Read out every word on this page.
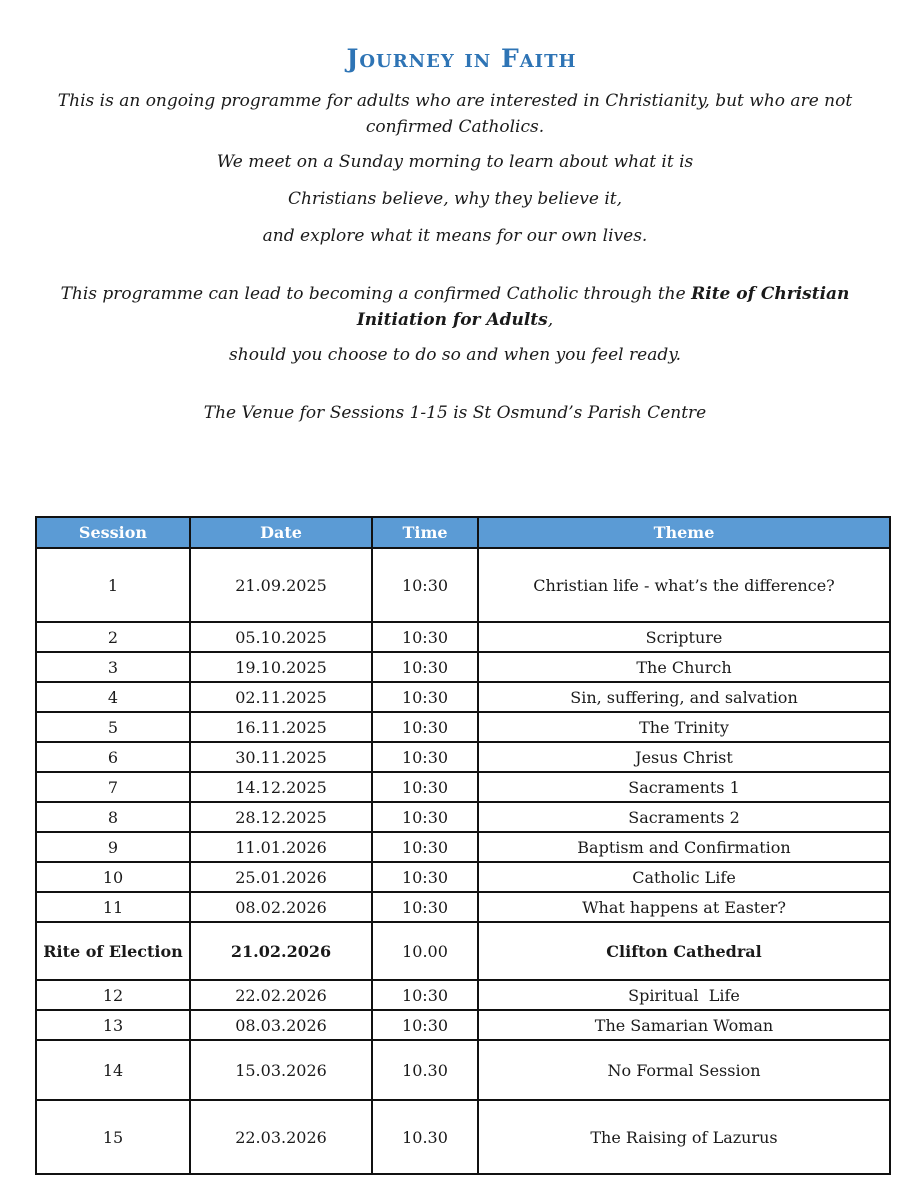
Journey in Faith

This is an ongoing programme for adults who are interested in Christianity, but who are not confirmed Catholics.

We meet on a Sunday morning to learn about what it is

Christians believe, why they believe it,

and explore what it means for our own lives.

This programme can lead to becoming a confirmed Catholic through the Rite of Christian Initiation for Adults,

should you choose to do so and when you feel ready.

The Venue for Sessions 1-15 is St Osmund’s Parish Centre

Session	Date	Time	Theme
1	21.09.2025	10:30	Christian life - what’s the difference?
2	05.10.2025	10:30	Scripture
3	19.10.2025	10:30	The Church
4	02.11.2025	10:30	Sin, suffering, and salvation
5	16.11.2025	10:30	The Trinity
6	30.11.2025	10:30	Jesus Christ
7	14.12.2025	10:30	Sacraments 1
8	28.12.2025	10:30	Sacraments 2
9	11.01.2026	10:30	Baptism and Confirmation
10	25.01.2026	10:30	Catholic Life
11	08.02.2026	10:30	What happens at Easter?
Rite of Election	21.02.2026	10.00	Clifton Cathedral
12	22.02.2026	10:30	Spiritual  Life
13	08.03.2026	10:30	The Samarian Woman
14	15.03.2026	10.30	No Formal Session
15	22.03.2026	10.30	The Raising of Lazurus
